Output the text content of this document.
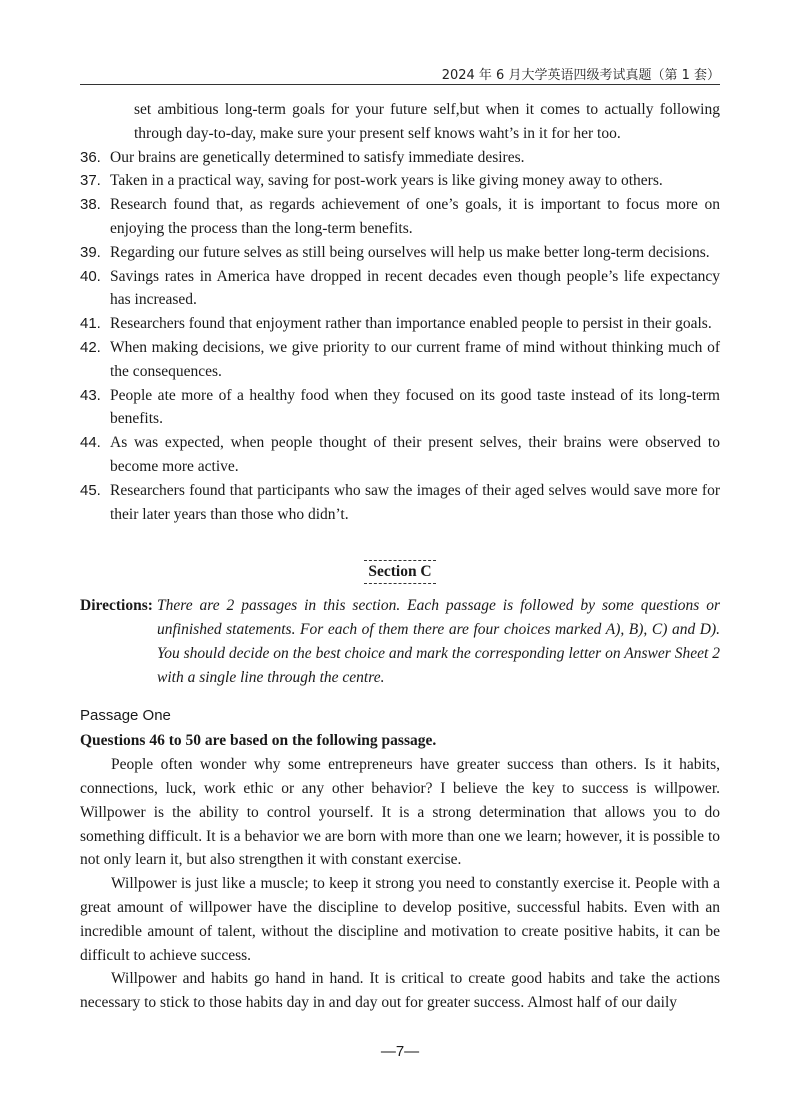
2024 年 6 月大学英语四级考试真题（第 1 套）
set ambitious long-term goals for your future self,but when it comes to actually following through day-to-day, make sure your present self knows waht’s in it for her too.
36. Our brains are genetically determined to satisfy immediate desires.
37. Taken in a practical way, saving for post-work years is like giving money away to others.
38. Research found that, as regards achievement of one’s goals, it is important to focus more on enjoying the process than the long-term benefits.
39. Regarding our future selves as still being ourselves will help us make better long-term decisions.
40. Savings rates in America have dropped in recent decades even though people’s life expectancy has increased.
41. Researchers found that enjoyment rather than importance enabled people to persist in their goals.
42. When making decisions, we give priority to our current frame of mind without thinking much of the consequences.
43. People ate more of a healthy food when they focused on its good taste instead of its long-term benefits.
44. As was expected, when people thought of their present selves, their brains were observed to become more active.
45. Researchers found that participants who saw the images of their aged selves would save more for their later years than those who didn’t.
Section C
Directions: There are 2 passages in this section. Each passage is followed by some questions or unfinished statements. For each of them there are four choices marked A), B), C) and D). You should decide on the best choice and mark the corresponding letter on Answer Sheet 2 with a single line through the centre.
Passage One
Questions 46 to 50 are based on the following passage.
People often wonder why some entrepreneurs have greater success than others. Is it habits, connections, luck, work ethic or any other behavior? I believe the key to success is willpower. Willpower is the ability to control yourself. It is a strong determination that allows you to do something difficult. It is a behavior we are born with more than one we learn; however, it is possible to not only learn it, but also strengthen it with constant exercise.
Willpower is just like a muscle; to keep it strong you need to constantly exercise it. People with a great amount of willpower have the discipline to develop positive, successful habits. Even with an incredible amount of talent, without the discipline and motivation to create positive habits, it can be difficult to achieve success.
Willpower and habits go hand in hand. It is critical to create good habits and take the actions necessary to stick to those habits day in and day out for greater success. Almost half of our daily
—7—
